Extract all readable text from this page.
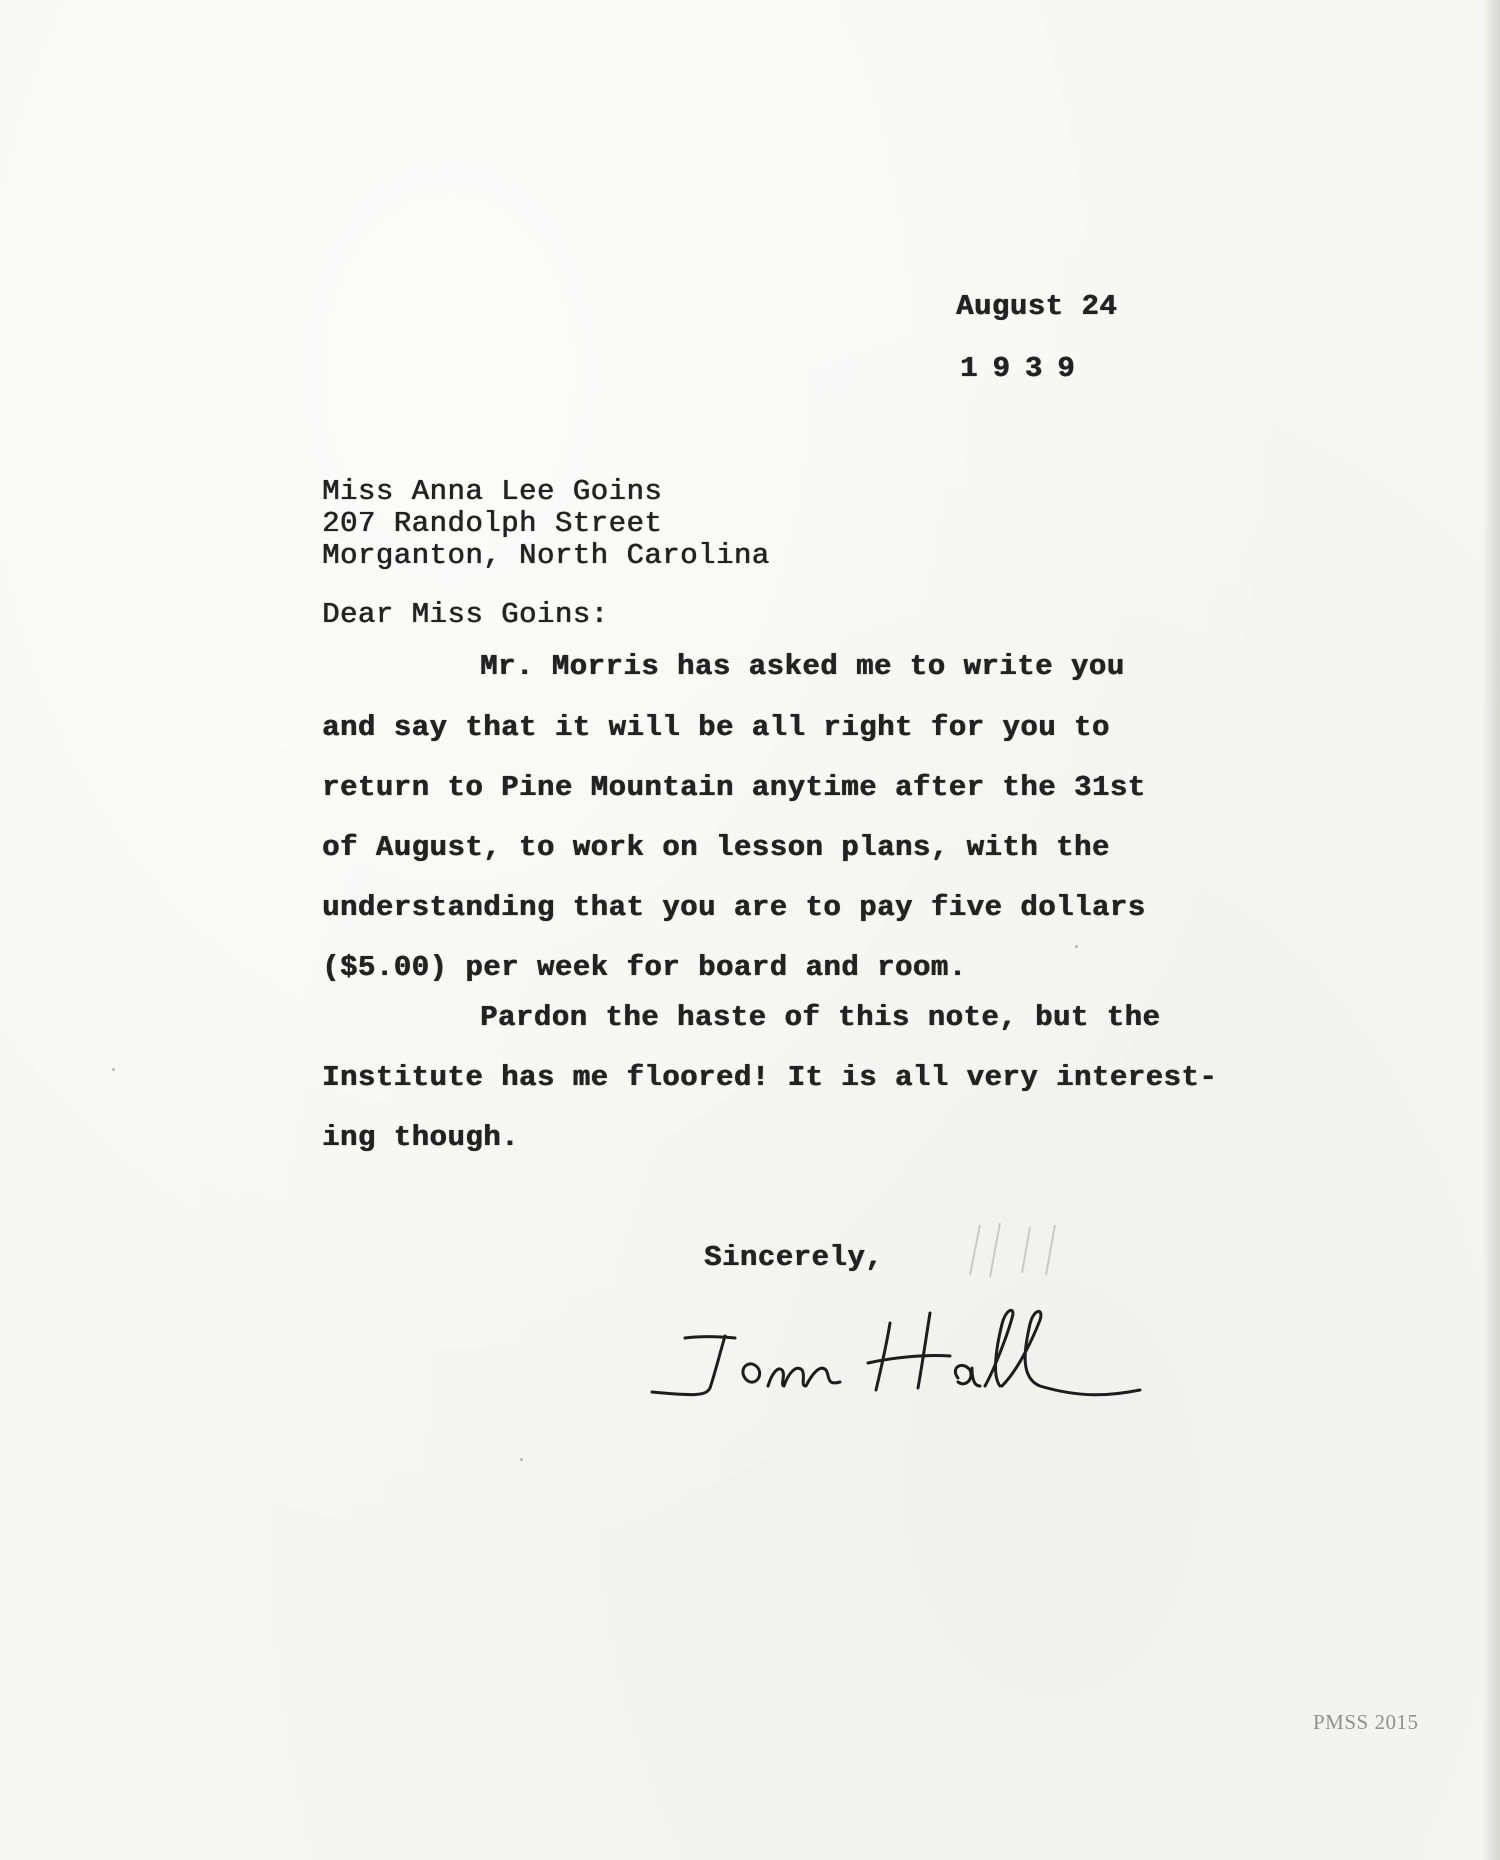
August 24
1939
Miss Anna Lee Goins
207 Randolph Street
Morganton, North Carolina
Dear Miss Goins:
Mr. Morris has asked me to write you
and say that it will be all right for you to
return to Pine Mountain anytime after the 31st
of August, to work on lesson plans, with the
understanding that you are to pay five dollars
($5.00) per week for board and room.
Pardon the haste of this note, but the
Institute has me floored! It is all very interest-
ing though.
Sincerely,
PMSS 2015
